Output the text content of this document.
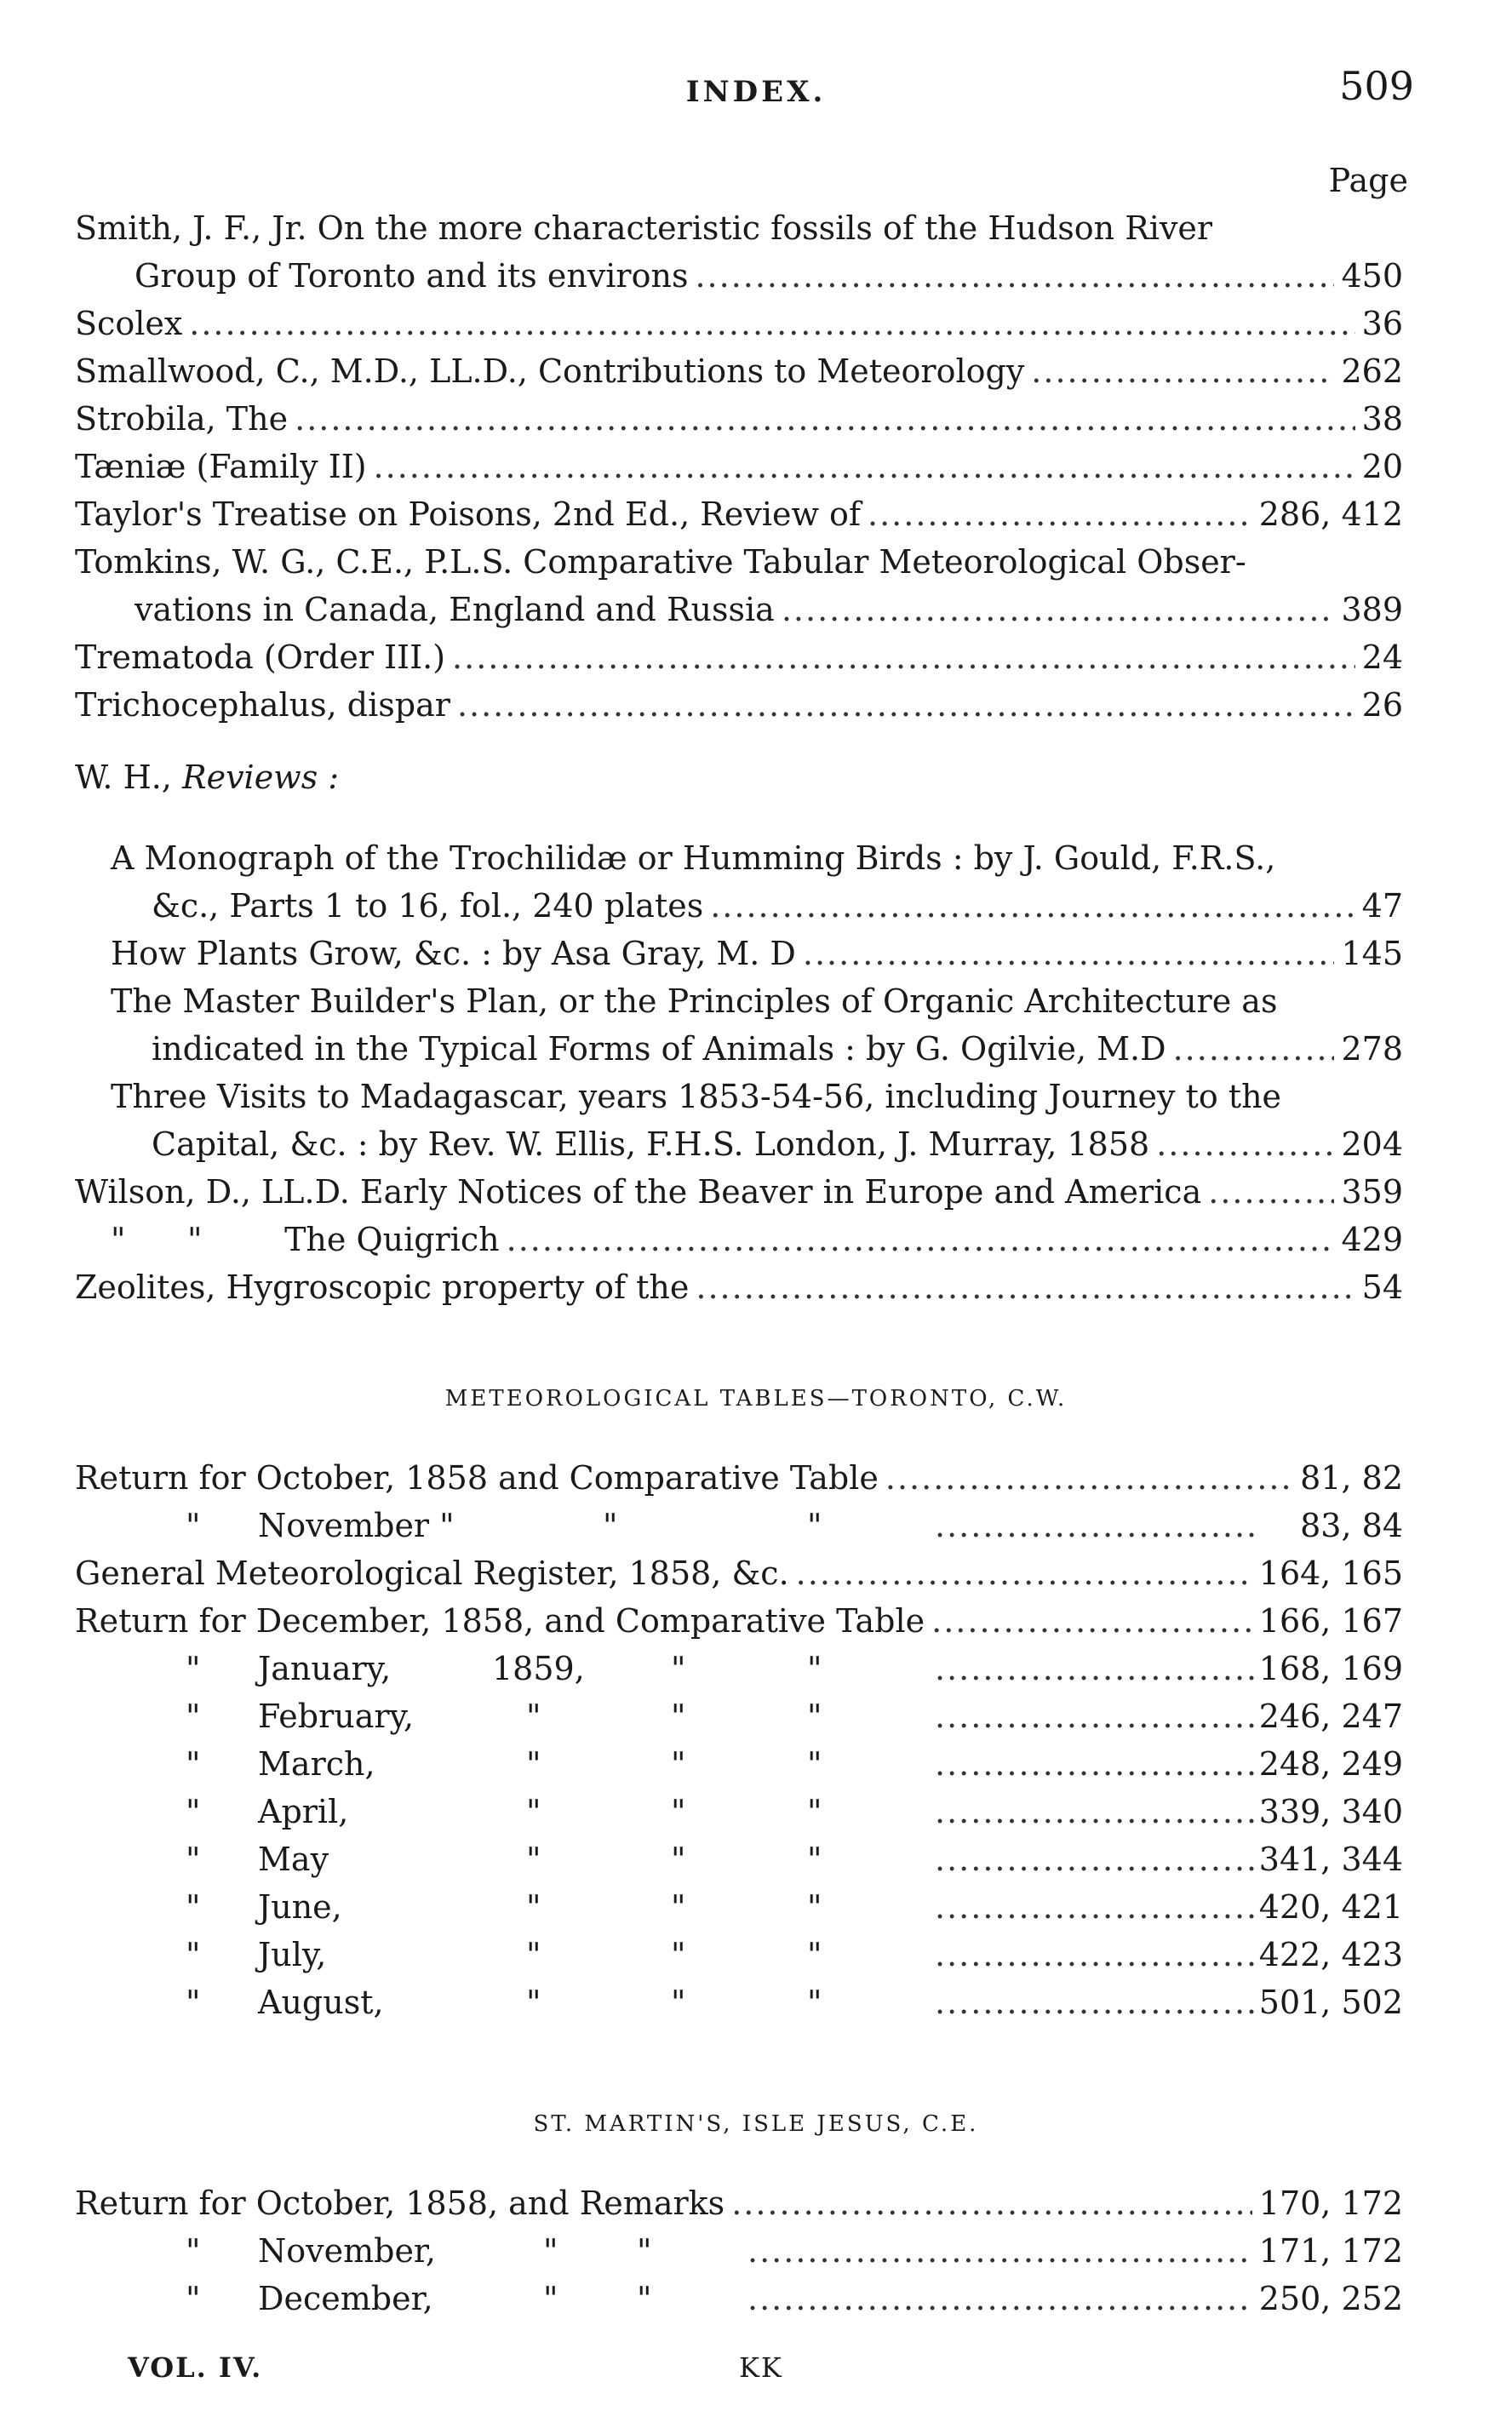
INDEX.	509
Page
Smith, J. F., Jr. On the more characteristic fossils of the Hudson River
Group of Toronto and its environs .....	450
Scolex .....	36
Smallwood, C., M.D., LL.D., Contributions to Meteorology .....	262
Strobila, The .....	38
Tæniæ (Family II) .....	20
Taylor's Treatise on Poisons, 2nd Ed., Review of .....	286, 412
Tomkins, W. G., C.E., P.L.S. Comparative Tabular Meteorological Obser-
vations in Canada, England and Russia .....	389
Trematoda (Order III.) .....	24
Trichocephalus, dispar .....	26
W. H., Reviews :
A Monograph of the Trochilidæ or Humming Birds : by J. Gould, F.R.S.,
&c., Parts 1 to 16, fol., 240 plates .....	47
How Plants Grow, &c. : by Asa Gray, M. D .....	145
The Master Builder's Plan, or the Principles of Organic Architecture as
indicated in the Typical Forms of Animals : by G. Ogilvie, M.D .....	278
Three Visits to Madagascar, years 1853-54-56, including Journey to the
Capital, &c. : by Rev. W. Ellis, F.H.S. London, J. Murray, 1858 .....	204
Wilson, D., LL.D. Early Notices of the Beaver in Europe and America .....	359
"      "        The Quigrich .....	429
Zeolites, Hygroscopic property of the .....	54
METEOROLOGICAL TABLES—TORONTO, C.W.
Return for October, 1858 and Comparative Table .....	81, 82
" November "	"	" .....	83, 84
General Meteorological Register, 1858, &c. .....	164, 165
Return for December, 1858, and Comparative Table .....	166, 167
" January,	1859,	"	" .....	168, 169
" February,	"	"	" .....	246, 247
" March,	"	"	" .....	248, 249
" April,	"	"	" .....	339, 340
" May	"	"	" .....	341, 344
" June,	"	"	" .....	420, 421
" July,	"	"	" .....	422, 423
" August,	"	"	" .....	501, 502
ST. MARTIN'S, ISLE JESUS, C.E.
Return for October, 1858, and Remarks .....	170, 172
" November,	" " .....	171, 172
" December,	" " .....	250, 252
VOL. IV.	KK
